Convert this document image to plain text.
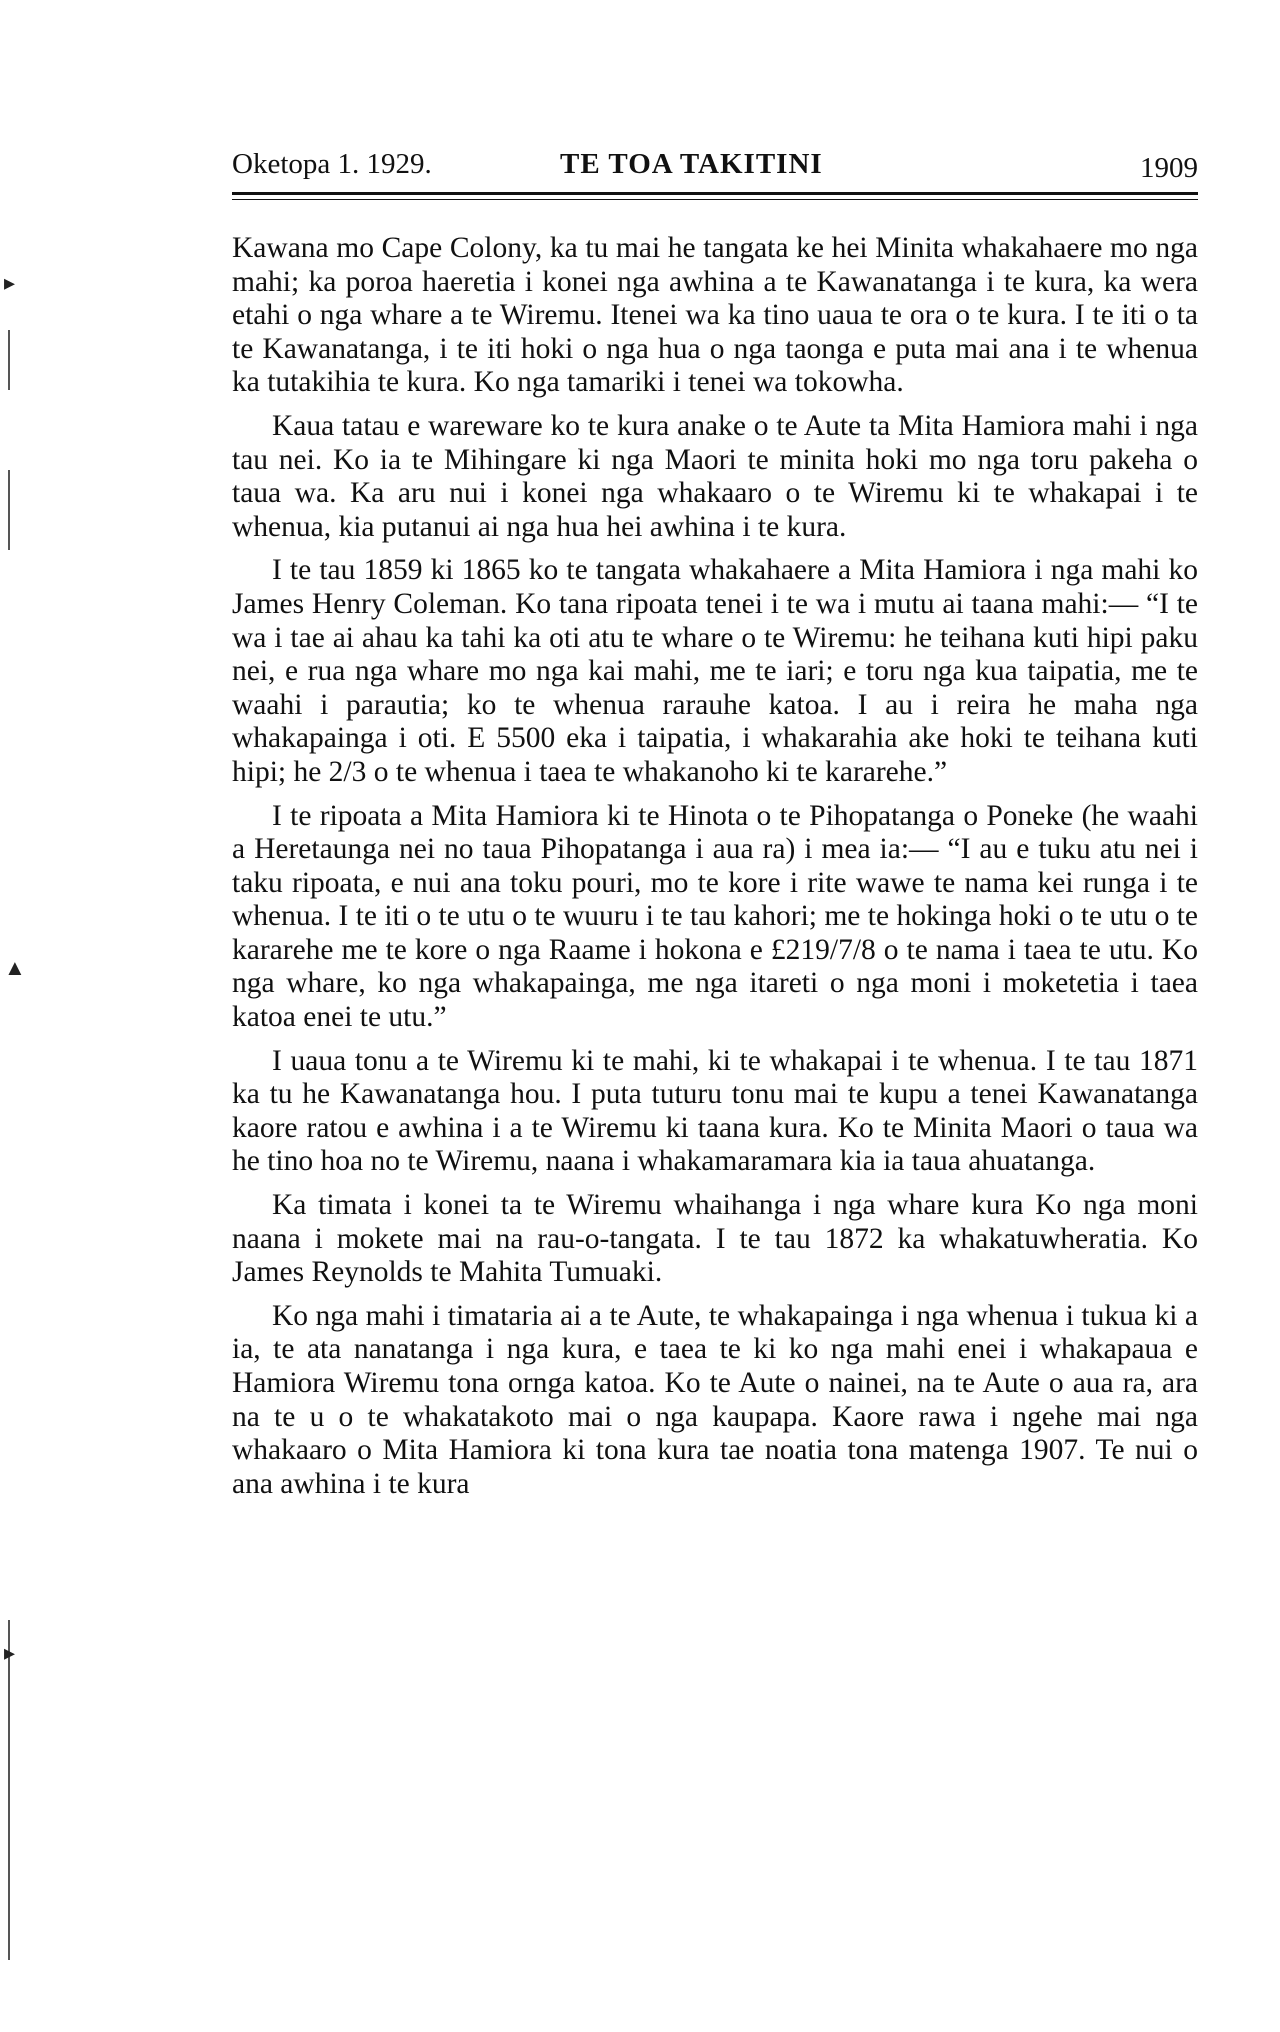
Oketopa 1. 1929.	TE TOA TAKITINI	1909

Kawana mo Cape Colony, ka tu mai he tangata ke hei Minita whakahaere mo nga mahi; ka poroa haeretia i konei nga awhina a te Kawanatanga i te kura, ka wera etahi o nga whare a te Wiremu. Itenei wa ka tino uaua te ora o te kura. I te iti o ta te Kawanatanga, i te iti hoki o nga hua o nga taonga e puta mai ana i te whenua ka tutakihia te kura. Ko nga tamariki i tenei wa tokowha.

Kaua tatau e wareware ko te kura anake o te Aute ta Mita Hamiora mahi i nga tau nei. Ko ia te Mihingare ki nga Maori te minita hoki mo nga toru pakeha o taua wa. Ka aru nui i konei nga whakaaro o te Wiremu ki te whakapai i te whenua, kia putanui ai nga hua hei awhina i te kura.

I te tau 1859 ki 1865 ko te tangata whakahaere a Mita Hamiora i nga mahi ko James Henry Coleman. Ko tana ripoata tenei i te wa i mutu ai taana mahi:— “I te wa i tae ai ahau ka tahi ka oti atu te whare o te Wiremu: he teihana kuti hipi paku nei, e rua nga whare mo nga kai mahi, me te iari; e toru nga kua taipatia, me te waahi i parautia; ko te whenua rarauhe katoa. I au i reira he maha nga whakapainga i oti. E 5500 eka i taipatia, i whakarahia ake hoki te teihana kuti hipi; he 2/3 o te whenua i taea te whakanoho ki te kararehe.”

I te ripoata a Mita Hamiora ki te Hinota o te Pihopatanga o Poneke (he waahi a Heretaunga nei no taua Pihopatanga i aua ra) i mea ia:— “I au e tuku atu nei i taku ripoata, e nui ana toku pouri, mo te kore i rite wawe te nama kei runga i te whenua. I te iti o te utu o te wuuru i te tau kahori; me te hokinga hoki o te utu o te kararehe me te kore o nga Raame i hokona e £219/7/8 o te nama i taea te utu. Ko nga whare, ko nga whakapainga, me nga itareti o nga moni i moketetia i taea katoa enei te utu.”

I uaua tonu a te Wiremu ki te mahi, ki te whakapai i te whenua. I te tau 1871 ka tu he Kawanatanga hou. I puta tuturu tonu mai te kupu a tenei Kawanatanga kaore ratou e awhina i a te Wiremu ki taana kura. Ko te Minita Maori o taua wa he tino hoa no te Wiremu, naana i whakamaramara kia ia taua ahuatanga.

Ka timata i konei ta te Wiremu whaihanga i nga whare kura Ko nga moni naana i mokete mai na rau-o-tangata. I te tau 1872 ka whakatuwheratia. Ko James Reynolds te Mahita Tumuaki.

Ko nga mahi i timataria ai a te Aute, te whakapainga i nga whenua i tukua ki a ia, te ata nanatanga i nga kura, e taea te ki ko nga mahi enei i whakapaua e Hamiora Wiremu tona ornga katoa. Ko te Aute o nainei, na te Aute o aua ra, ara na te u o te whakatakoto mai o nga kaupapa. Kaore rawa i ngehe mai nga whakaaro o Mita Hamiora ki tona kura tae noatia tona matenga 1907. Te nui o ana awhina i te kura

▸
▲
▸
